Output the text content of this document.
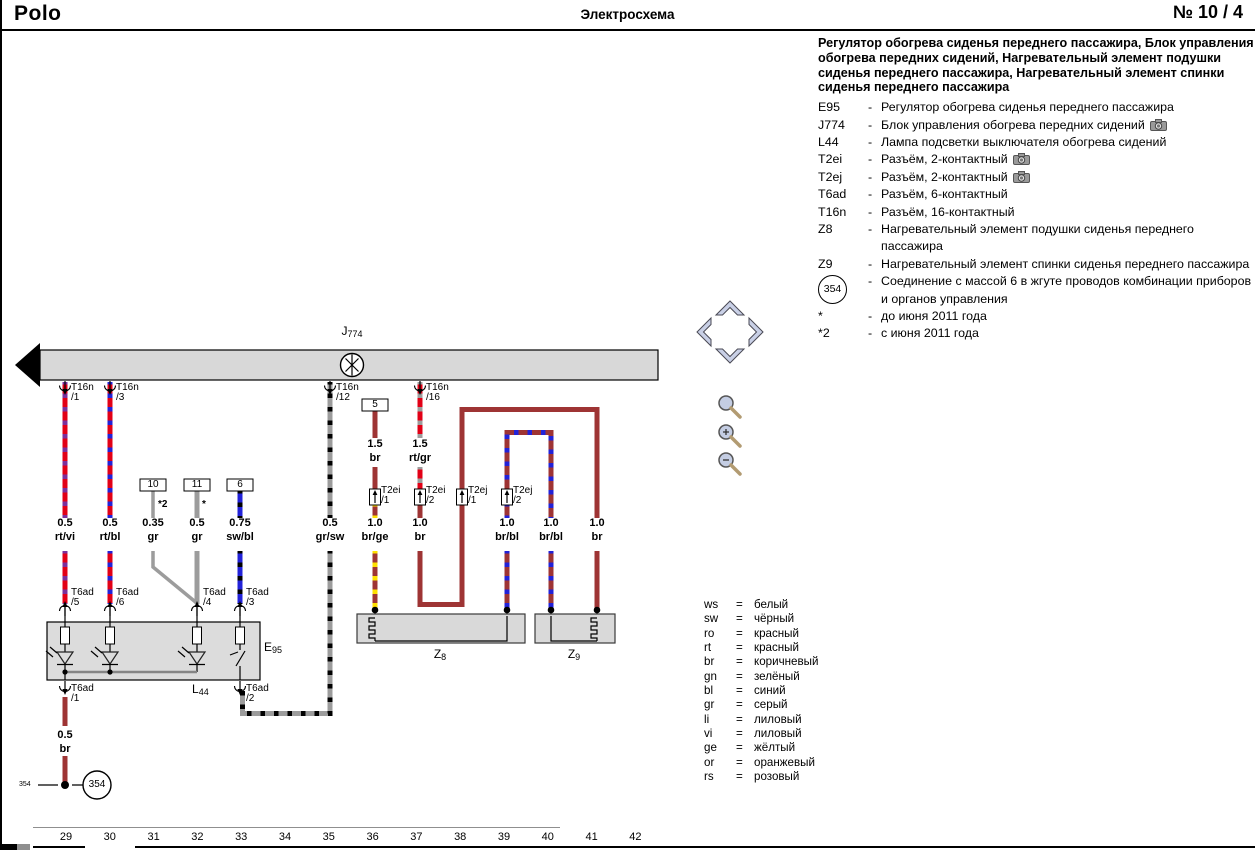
Polo	Электросхема	№ 10 / 4
J774
E95
L44
Z8	Z9
T16n
/1
T16n
/3
T16n
/12
T16n
/16
T6ad
/5
T6ad
/6
T6ad
/4
T6ad
/3
T6ad
/1
T6ad
/2
T2ei
/1
T2ei
/2
T2ej
/1
T2ej
/2
0.5
rt/vi
0.5
rt/bl
0.35
gr
0.5
gr
0.75
sw/bl
0.5
gr/sw
1.0
br/ge
1.0
br
1.0
br/bl
1.0
br/bl
1.0
br
1.5
br
1.5
rt/gr
0.5
br
*2	*
10	11	6
5
354
354
29	30	31	32	33	34	35	36	37	38	39	40	41	42
Регулятор обогрева сиденья переднего пассажира, Блок управления обогрева передних сидений, Нагревательный элемент подушки сиденья переднего пассажира, Нагревательный элемент спинки сиденья переднего пассажира
E95	- Регулятор обогрева сиденья переднего пассажира
J774	- Блок управления обогрева передних сидений
L44	- Лампа подсветки выключателя обогрева сидений
T2ei	- Разъём, 2-контактный
T2ej	- Разъём, 2-контактный
T6ad	- Разъём, 6-контактный
T16n	- Разъём, 16-контактный
Z8	- Нагревательный элемент подушки сиденья переднего пассажира
Z9	- Нагревательный элемент спинки сиденья переднего пассажира
354
- Соединение с массой 6 в жгуте проводов комбинации приборов и органов управления
*	- до июня 2011 года
*2	- с июня 2011 года
ws	= белый
sw	= чёрный
ro	= красный
rt	= красный
br	= коричневый
gn	= зелёный
bl	= синий
gr	= серый
li	= лиловый
vi	= лиловый
ge	= жёлтый
or	= оранжевый
rs	= розовый
